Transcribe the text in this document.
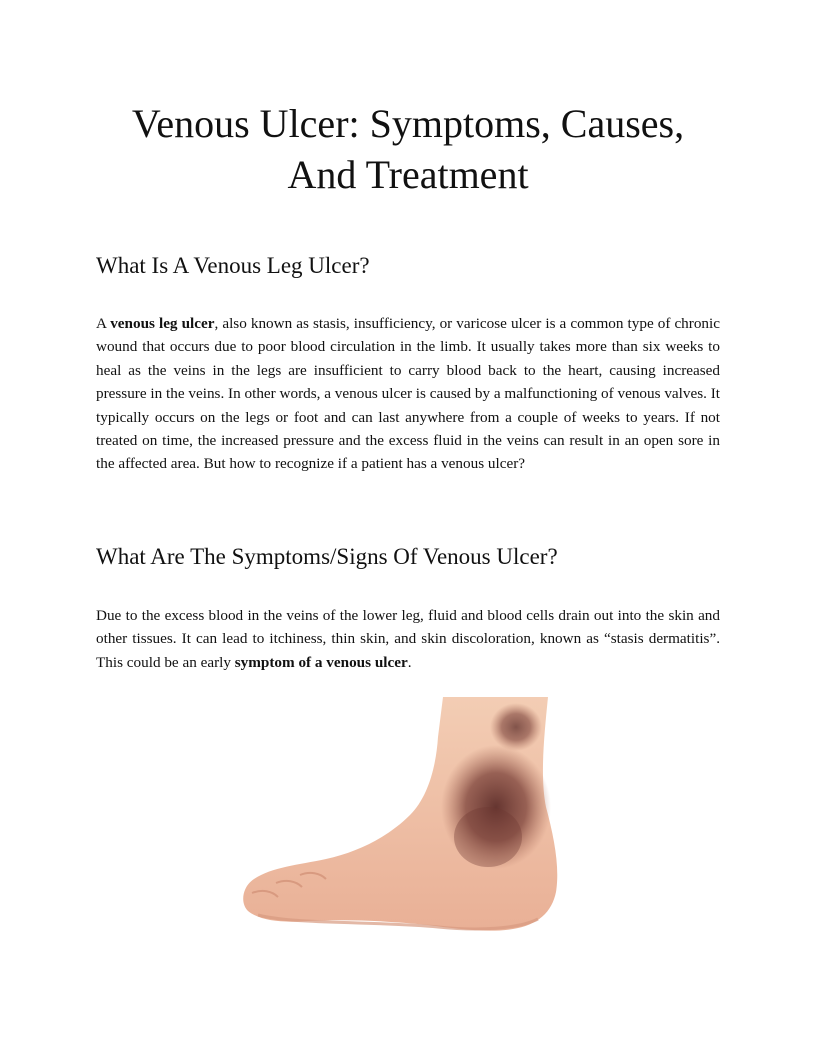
Venous Ulcer: Symptoms, Causes, And Treatment
What Is A Venous Leg Ulcer?

A venous leg ulcer, also known as stasis, insufficiency, or varicose ulcer is a common type of chronic wound that occurs due to poor blood circulation in the limb. It usually takes more than six weeks to heal as the veins in the legs are insufficient to carry blood back to the heart, causing increased pressure in the veins. In other words, a venous ulcer is caused by a malfunctioning of venous valves. It typically occurs on the legs or foot and can last anywhere from a couple of weeks to years. If not treated on time, the increased pressure and the excess fluid in the veins can result in an open sore in the affected area. But how to recognize if a patient has a venous ulcer?

What Are The Symptoms/Signs Of Venous Ulcer?

Due to the excess blood in the veins of the lower leg, fluid and blood cells drain out into the skin and other tissues. It can lead to itchiness, thin skin, and skin discoloration, known as “stasis dermatitis”. This could be an early symptom of a venous ulcer.
